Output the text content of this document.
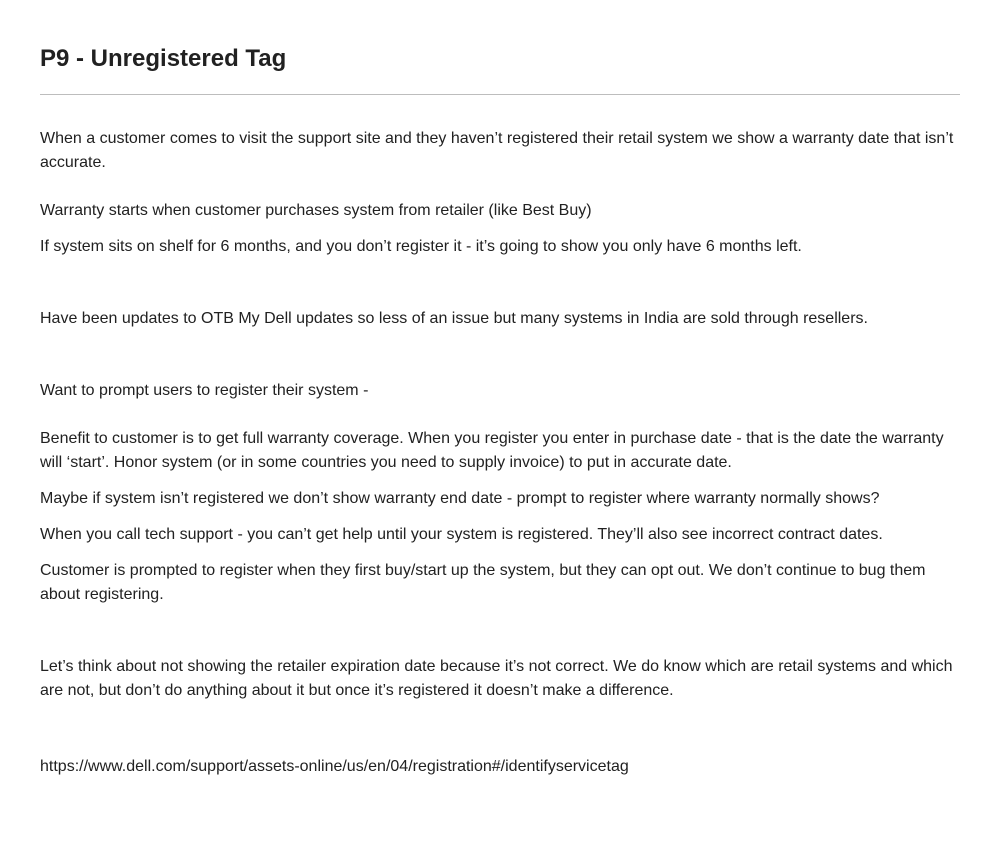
P9 - Unregistered Tag

When a customer comes to visit the support site and they haven’t registered their retail system we show a warranty date that isn’t accurate.

Warranty starts when customer purchases system from retailer (like Best Buy)

If system sits on shelf for 6 months, and you don’t register it - it’s going to show you only have 6 months left.

Have been updates to OTB My Dell updates so less of an issue but many systems in India are sold through resellers.

Want to prompt users to register their system -

Benefit to customer is to get full warranty coverage. When you register you enter in purchase date - that is the date the warranty will ‘start’. Honor system (or in some countries you need to supply invoice) to put in accurate date.

Maybe if system isn’t registered we don’t show warranty end date - prompt to register where warranty normally shows?

When you call tech support - you can’t get help until your system is registered. They’ll also see incorrect contract dates.

Customer is prompted to register when they first buy/start up the system, but they can opt out. We don’t continue to bug them about registering.

Let’s think about not showing the retailer expiration date because it’s not correct. We do know which are retail systems and which are not, but don’t do anything about it but once it’s registered it doesn’t make a difference.

https://www.dell.com/support/assets-online/us/en/04/registration#/identifyservicetag
